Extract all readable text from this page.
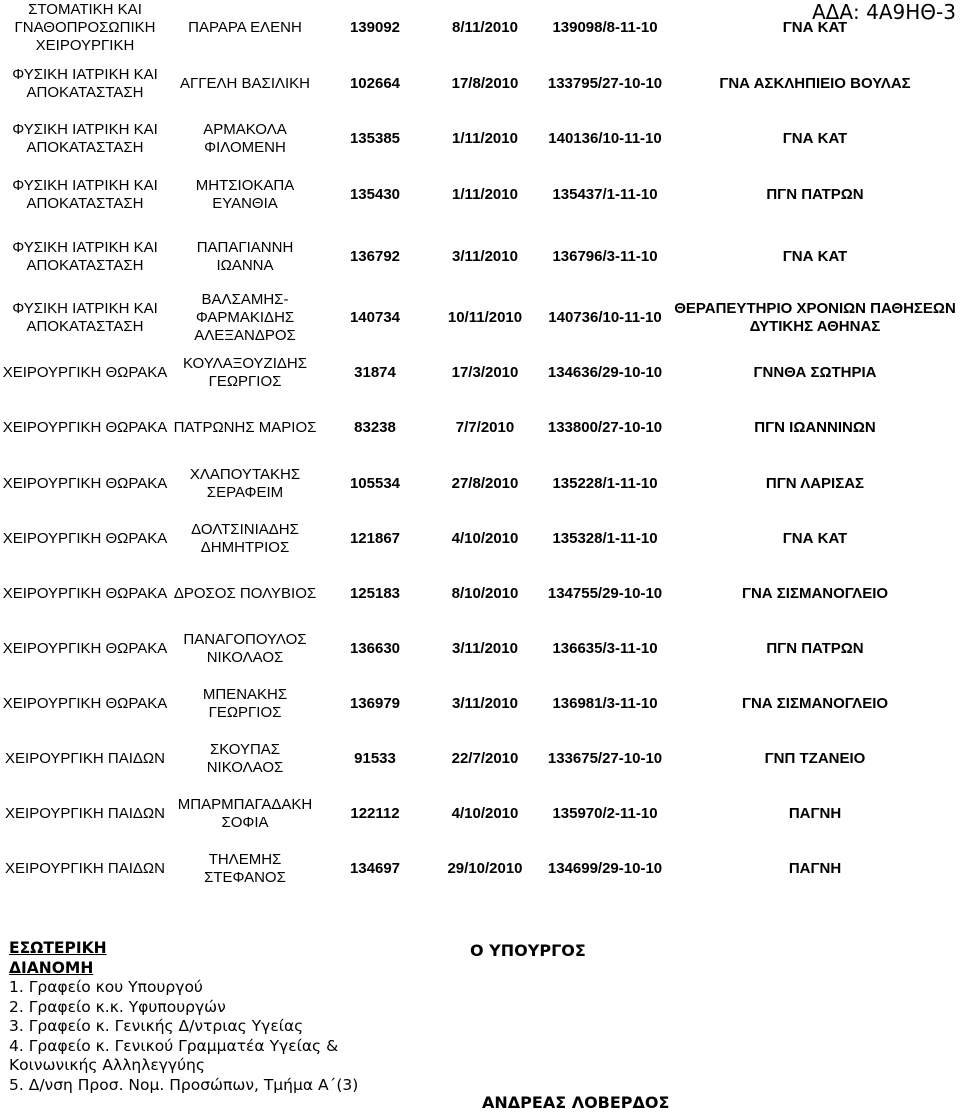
ΑΔΑ: 4Α9ΗΘ-3
ΣΤΟΜΑΤΙΚΗ ΚΑΙ ΓΝΑΘΟΠΡΟΣΩΠΙΚΗ ΧΕΙΡΟΥΡΓΙΚΗ	ΠΑΡΑΡΑ ΕΛΕΝΗ	139092	8/11/2010	139098/8-11-10	ΓΝΑ ΚΑΤ
ΦΥΣΙΚΗ ΙΑΤΡΙΚΗ ΚΑΙ ΑΠΟΚΑΤΑΣΤΑΣΗ	ΑΓΓΕΛΗ ΒΑΣΙΛΙΚΗ	102664	17/8/2010	133795/27-10-10	ΓΝΑ ΑΣΚΛΗΠΙΕΙΟ ΒΟΥΛΑΣ
ΦΥΣΙΚΗ ΙΑΤΡΙΚΗ ΚΑΙ ΑΠΟΚΑΤΑΣΤΑΣΗ	ΑΡΜΑΚΟΛΑ ΦΙΛΟΜΕΝΗ	135385	1/11/2010	140136/10-11-10	ΓΝΑ ΚΑΤ
ΦΥΣΙΚΗ ΙΑΤΡΙΚΗ ΚΑΙ ΑΠΟΚΑΤΑΣΤΑΣΗ	ΜΗΤΣΙΟΚΑΠΑ ΕΥΑΝΘΙΑ	135430	1/11/2010	135437/1-11-10	ΠΓΝ ΠΑΤΡΩΝ
ΦΥΣΙΚΗ ΙΑΤΡΙΚΗ ΚΑΙ ΑΠΟΚΑΤΑΣΤΑΣΗ	ΠΑΠΑΓΙΑΝΝΗ ΙΩΑΝΝΑ	136792	3/11/2010	136796/3-11-10	ΓΝΑ ΚΑΤ
ΦΥΣΙΚΗ ΙΑΤΡΙΚΗ ΚΑΙ ΑΠΟΚΑΤΑΣΤΑΣΗ	ΒΑΛΣΑΜΗΣ-ΦΑΡΜΑΚΙΔΗΣ ΑΛΕΞΑΝΔΡΟΣ	140734	10/11/2010	140736/10-11-10	ΘΕΡΑΠΕΥΤΗΡΙΟ ΧΡΟΝΙΩΝ ΠΑΘΗΣΕΩΝ ΔΥΤΙΚΗΣ ΑΘΗΝΑΣ
ΧΕΙΡΟΥΡΓΙΚΗ ΘΩΡΑΚΑ	ΚΟΥΛΑΞΟΥΖΙΔΗΣ ΓΕΩΡΓΙΟΣ	31874	17/3/2010	134636/29-10-10	ΓΝΝΘΑ ΣΩΤΗΡΙΑ
ΧΕΙΡΟΥΡΓΙΚΗ ΘΩΡΑΚΑ	ΠΑΤΡΩΝΗΣ ΜΑΡΙΟΣ	83238	7/7/2010	133800/27-10-10	ΠΓΝ ΙΩΑΝΝΙΝΩΝ
ΧΕΙΡΟΥΡΓΙΚΗ ΘΩΡΑΚΑ	ΧΛΑΠΟΥΤΑΚΗΣ ΣΕΡΑΦΕΙΜ	105534	27/8/2010	135228/1-11-10	ΠΓΝ ΛΑΡΙΣΑΣ
ΧΕΙΡΟΥΡΓΙΚΗ ΘΩΡΑΚΑ	ΔΟΛΤΣΙΝΙΑΔΗΣ ΔΗΜΗΤΡΙΟΣ	121867	4/10/2010	135328/1-11-10	ΓΝΑ ΚΑΤ
ΧΕΙΡΟΥΡΓΙΚΗ ΘΩΡΑΚΑ	ΔΡΟΣΟΣ ΠΟΛΥΒΙΟΣ	125183	8/10/2010	134755/29-10-10	ΓΝΑ ΣΙΣΜΑΝΟΓΛΕΙΟ
ΧΕΙΡΟΥΡΓΙΚΗ ΘΩΡΑΚΑ	ΠΑΝΑΓΟΠΟΥΛΟΣ ΝΙΚΟΛΑΟΣ	136630	3/11/2010	136635/3-11-10	ΠΓΝ ΠΑΤΡΩΝ
ΧΕΙΡΟΥΡΓΙΚΗ ΘΩΡΑΚΑ	ΜΠΕΝΑΚΗΣ ΓΕΩΡΓΙΟΣ	136979	3/11/2010	136981/3-11-10	ΓΝΑ ΣΙΣΜΑΝΟΓΛΕΙΟ
ΧΕΙΡΟΥΡΓΙΚΗ ΠΑΙΔΩΝ	ΣΚΟΥΠΑΣ ΝΙΚΟΛΑΟΣ	91533	22/7/2010	133675/27-10-10	ΓΝΠ ΤΖΑΝΕΙΟ
ΧΕΙΡΟΥΡΓΙΚΗ ΠΑΙΔΩΝ	ΜΠΑΡΜΠΑΓΑΔΑΚΗ ΣΟΦΙΑ	122112	4/10/2010	135970/2-11-10	ΠΑΓΝΗ
ΧΕΙΡΟΥΡΓΙΚΗ ΠΑΙΔΩΝ	ΤΗΛΕΜΗΣ ΣΤΕΦΑΝΟΣ	134697	29/10/2010	134699/29-10-10	ΠΑΓΝΗ
ΕΣΩΤΕΡΙΚΗ ΔΙΑΝΟΜΗ
1. Γραφείο κου Υπουργού
2. Γραφείο κ.κ. Υφυπουργών
3. Γραφείο κ. Γενικής Δ/ντριας Υγείας
4. Γραφείο κ. Γενικού Γραμματέα Υγείας & Κοινωνικής Αλληλεγγύης
5. Δ/νση Προσ. Νομ. Προσώπων, Τμήμα Α΄(3)
Ο ΥΠΟΥΡΓΟΣ
ΑΝΔΡΕΑΣ ΛΟΒΕΡΔΟΣ
